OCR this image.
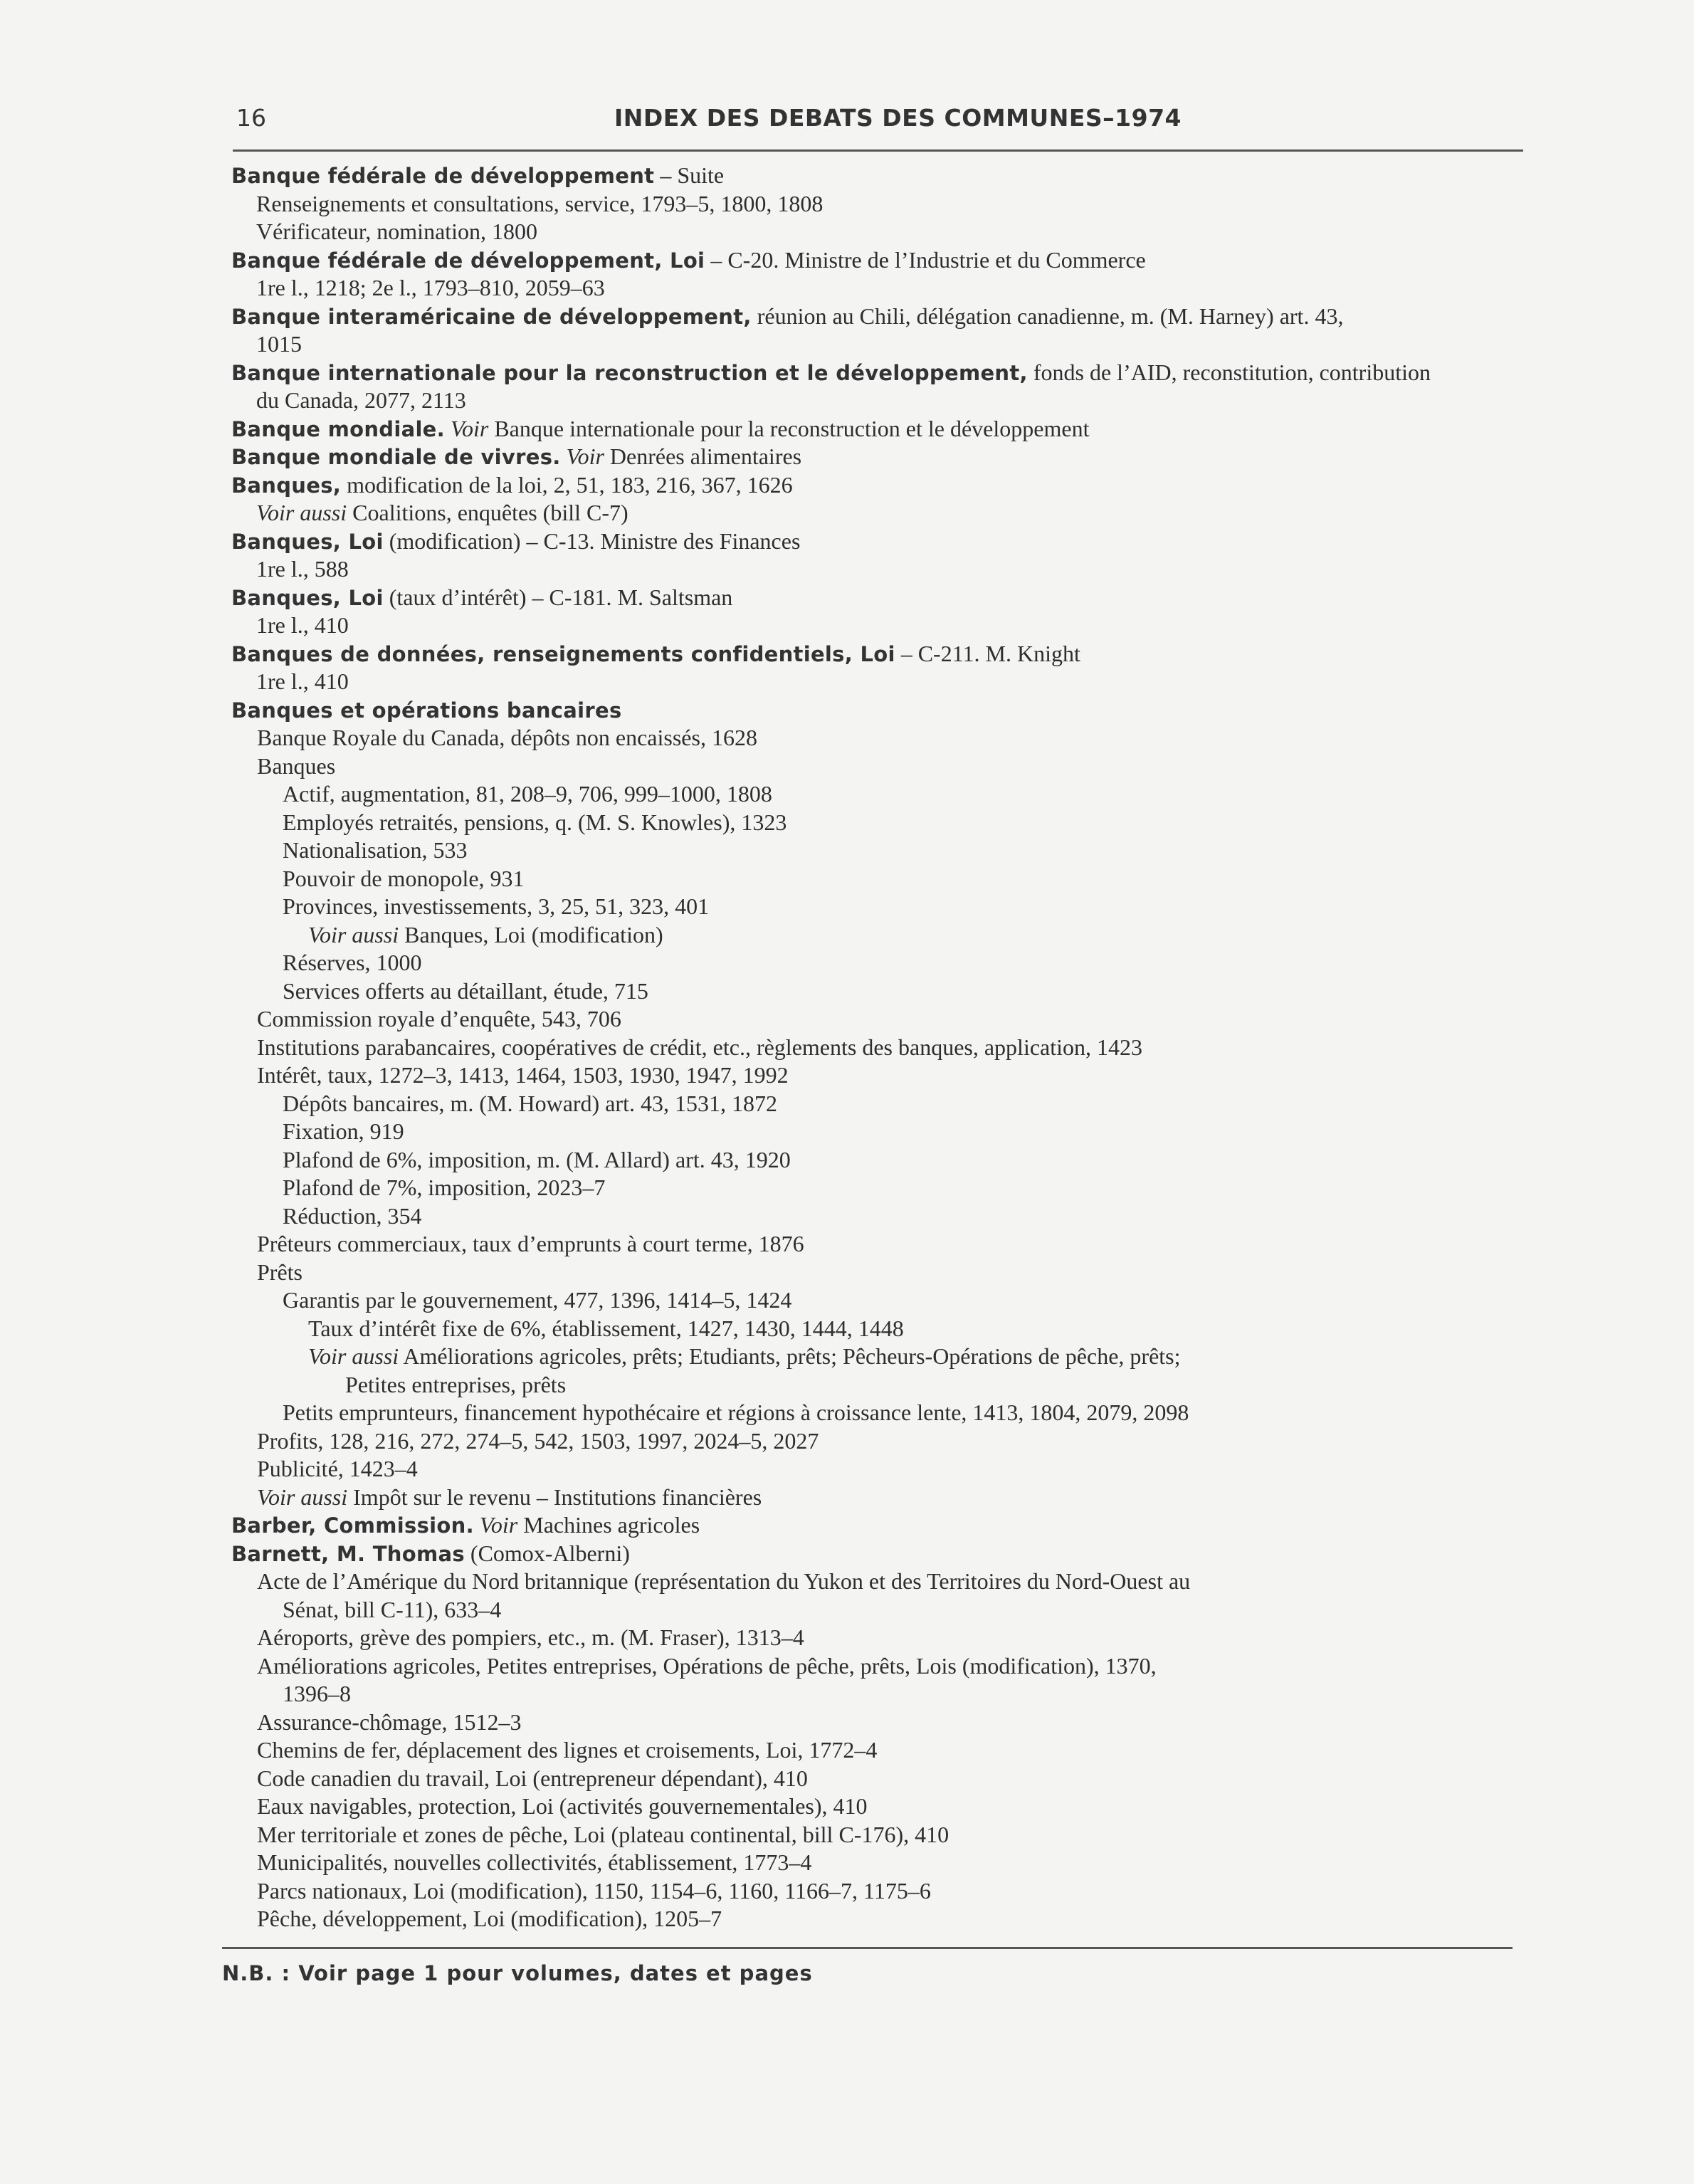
16	INDEX DES DEBATS DES COMMUNES–1974
Banque fédérale de développement – Suite
Renseignements et consultations, service, 1793–5, 1800, 1808
Vérificateur, nomination, 1800
Banque fédérale de développement, Loi – C-20. Ministre de l’Industrie et du Commerce
1re l., 1218; 2e l., 1793–810, 2059–63
Banque interaméricaine de développement, réunion au Chili, délégation canadienne, m. (M. Harney) art. 43,
1015
Banque internationale pour la reconstruction et le développement, fonds de l’AID, reconstitution, contribution
du Canada, 2077, 2113
Banque mondiale. Voir Banque internationale pour la reconstruction et le développement
Banque mondiale de vivres. Voir Denrées alimentaires
Banques, modification de la loi, 2, 51, 183, 216, 367, 1626
Voir aussi Coalitions, enquêtes (bill C-7)
Banques, Loi (modification) – C-13. Ministre des Finances
1re l., 588
Banques, Loi (taux d’intérêt) – C-181. M. Saltsman
1re l., 410
Banques de données, renseignements confidentiels, Loi – C-211. M. Knight
1re l., 410
Banques et opérations bancaires
Banque Royale du Canada, dépôts non encaissés, 1628
Banques
Actif, augmentation, 81, 208–9, 706, 999–1000, 1808
Employés retraités, pensions, q. (M. S. Knowles), 1323
Nationalisation, 533
Pouvoir de monopole, 931
Provinces, investissements, 3, 25, 51, 323, 401
Voir aussi Banques, Loi (modification)
Réserves, 1000
Services offerts au détaillant, étude, 715
Commission royale d’enquête, 543, 706
Institutions parabancaires, coopératives de crédit, etc., règlements des banques, application, 1423
Intérêt, taux, 1272–3, 1413, 1464, 1503, 1930, 1947, 1992
Dépôts bancaires, m. (M. Howard) art. 43, 1531, 1872
Fixation, 919
Plafond de 6%, imposition, m. (M. Allard) art. 43, 1920
Plafond de 7%, imposition, 2023–7
Réduction, 354
Prêteurs commerciaux, taux d’emprunts à court terme, 1876
Prêts
Garantis par le gouvernement, 477, 1396, 1414–5, 1424
Taux d’intérêt fixe de 6%, établissement, 1427, 1430, 1444, 1448
Voir aussi Améliorations agricoles, prêts; Etudiants, prêts; Pêcheurs-Opérations de pêche, prêts;
Petites entreprises, prêts
Petits emprunteurs, financement hypothécaire et régions à croissance lente, 1413, 1804, 2079, 2098
Profits, 128, 216, 272, 274–5, 542, 1503, 1997, 2024–5, 2027
Publicité, 1423–4
Voir aussi Impôt sur le revenu – Institutions financières
Barber, Commission. Voir Machines agricoles
Barnett, M. Thomas (Comox-Alberni)
Acte de l’Amérique du Nord britannique (représentation du Yukon et des Territoires du Nord-Ouest au
Sénat, bill C-11), 633–4
Aéroports, grève des pompiers, etc., m. (M. Fraser), 1313–4
Améliorations agricoles, Petites entreprises, Opérations de pêche, prêts, Lois (modification), 1370,
1396–8
Assurance-chômage, 1512–3
Chemins de fer, déplacement des lignes et croisements, Loi, 1772–4
Code canadien du travail, Loi (entrepreneur dépendant), 410
Eaux navigables, protection, Loi (activités gouvernementales), 410
Mer territoriale et zones de pêche, Loi (plateau continental, bill C-176), 410
Municipalités, nouvelles collectivités, établissement, 1773–4
Parcs nationaux, Loi (modification), 1150, 1154–6, 1160, 1166–7, 1175–6
Pêche, développement, Loi (modification), 1205–7
N.B. : Voir page 1 pour volumes, dates et pages
